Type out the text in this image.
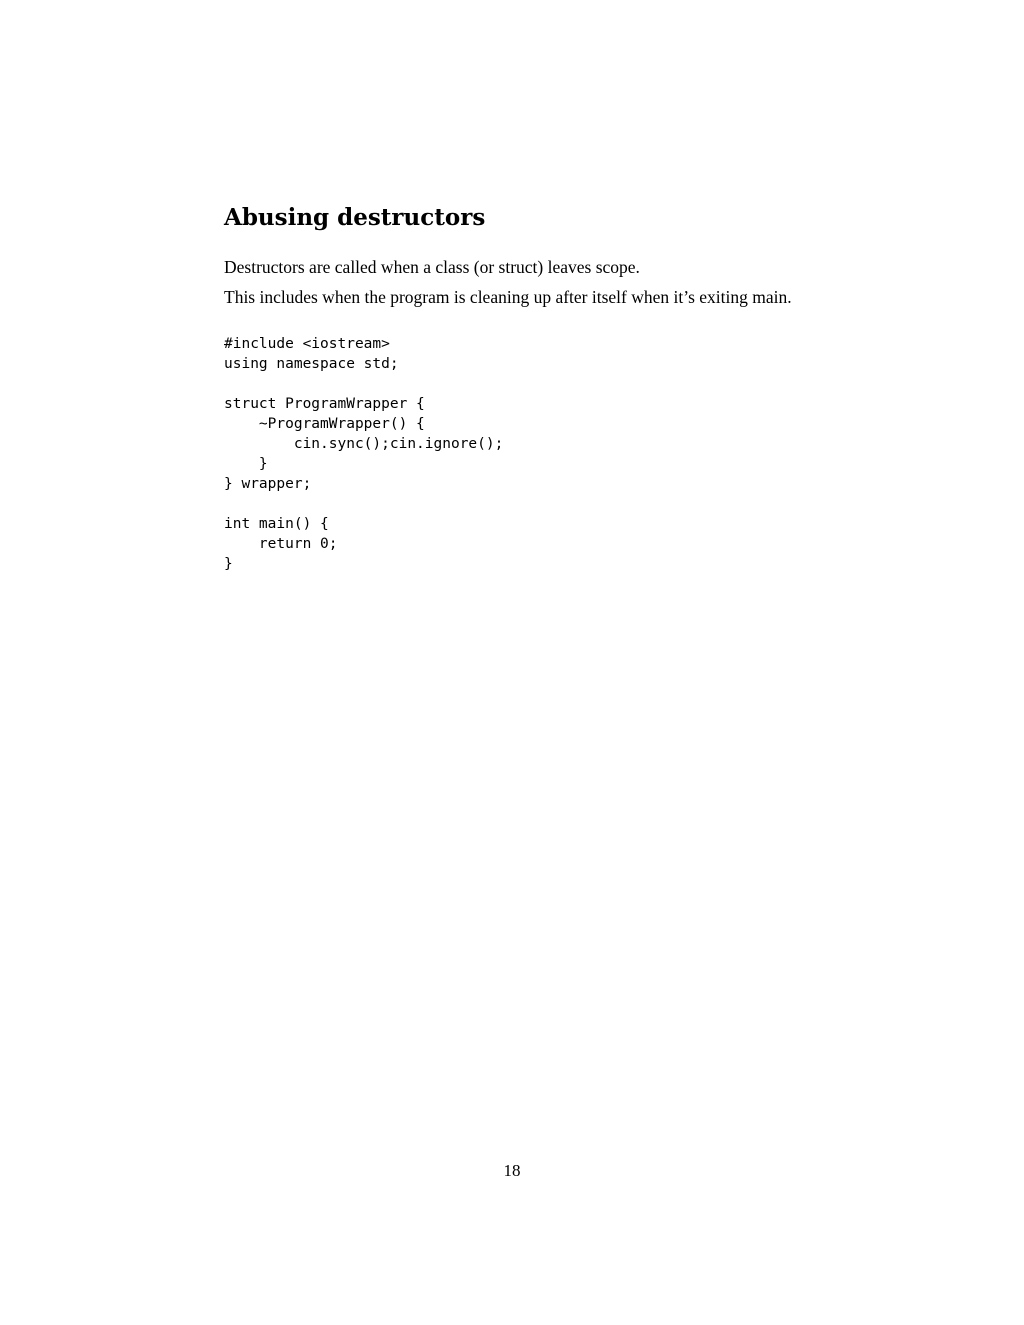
Abusing destructors

Destructors are called when a class (or struct) leaves scope.

This includes when the program is cleaning up after itself when it’s exiting main.

#include <iostream>
using namespace std;
struct ProgramWrapper {
~ProgramWrapper() {
cin.sync();cin.ignore();
}
} wrapper;
int main() {
return 0;
}
18
